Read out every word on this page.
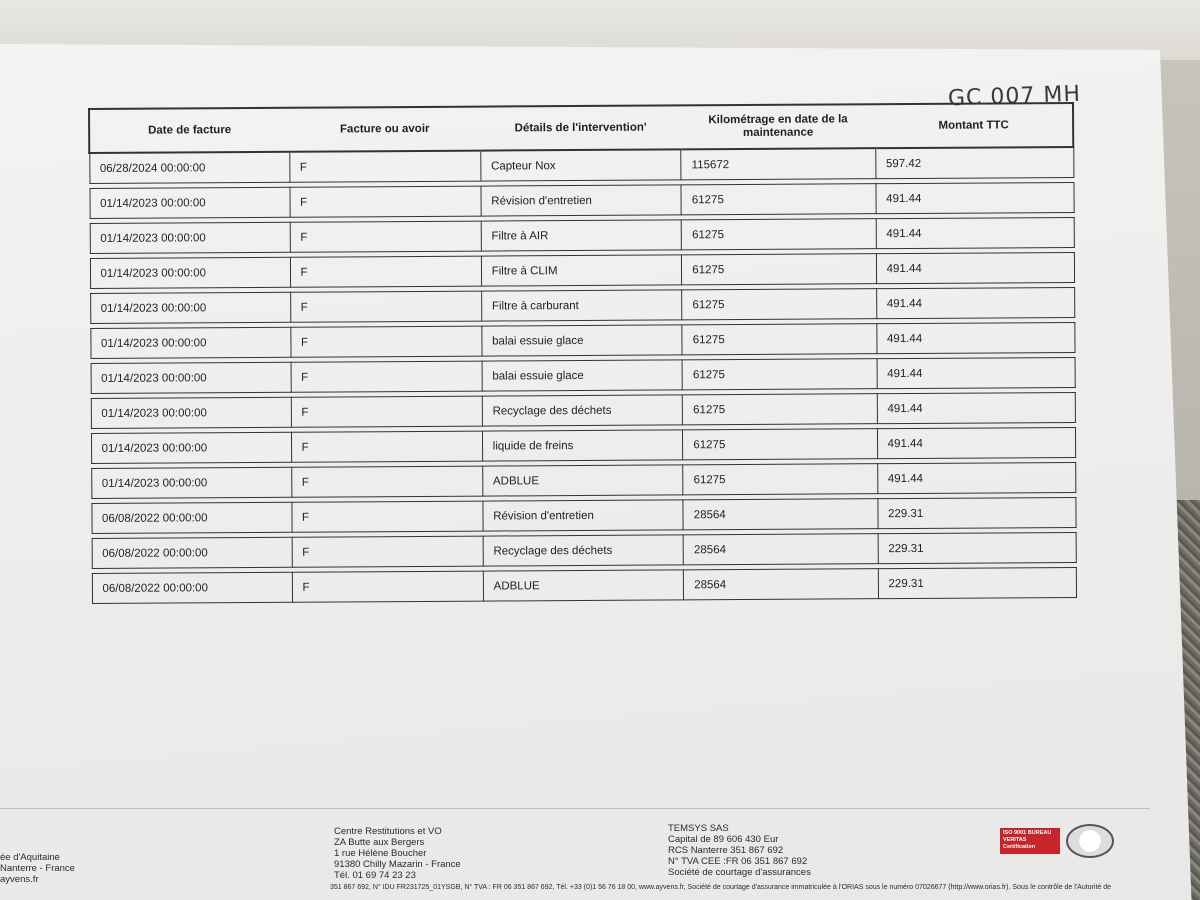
GC 007 MH
Date de facture	Facture ou avoir	Détails de l'intervention'	Kilométrage en date de la maintenance	Montant TTC
06/28/2024 00:00:00	F	Capteur Nox	115672	597.42

01/14/2023 00:00:00	F	Révision d'entretien	61275	491.44

01/14/2023 00:00:00	F	Filtre à AIR	61275	491.44

01/14/2023 00:00:00	F	Filtre à CLIM	61275	491.44

01/14/2023 00:00:00	F	Filtre à carburant	61275	491.44

01/14/2023 00:00:00	F	balai essuie glace	61275	491.44

01/14/2023 00:00:00	F	balai essuie glace	61275	491.44

01/14/2023 00:00:00	F	Recyclage des déchets	61275	491.44

01/14/2023 00:00:00	F	liquide de freins	61275	491.44

01/14/2023 00:00:00	F	ADBLUE	61275	491.44

06/08/2022 00:00:00	F	Révision d'entretien	28564	229.31

06/08/2022 00:00:00	F	Recyclage des déchets	28564	229.31

06/08/2022 00:00:00	F	ADBLUE	28564	229.31
ée d'Aquitaine
Nanterre - France
ayvens.fr
Centre Restitutions et VO
ZA Butte aux Bergers
1 rue Hélène Boucher
91380 Chilly Mazarin - France
Tél. 01 69 74 23 23
TEMSYS SAS
Capital de 89 606 430 Eur
RCS Nanterre 351 867 692
N° TVA CEE :FR 06 351 867 692
Société de courtage d'assurances
ISO 9001 BUREAU VERITAS Certification
351 867 692, N° IDU FR231725_01YSGB, N° TVA : FR 06 351 867 692, Tél. +33 (0)1 56 76 18 00, www.ayvens.fr, Société de courtage d'assurance immatriculée à l'ORIAS sous le numéro 07026677 (http://www.orias.fr). Sous le contrôle de l'Autorité de
